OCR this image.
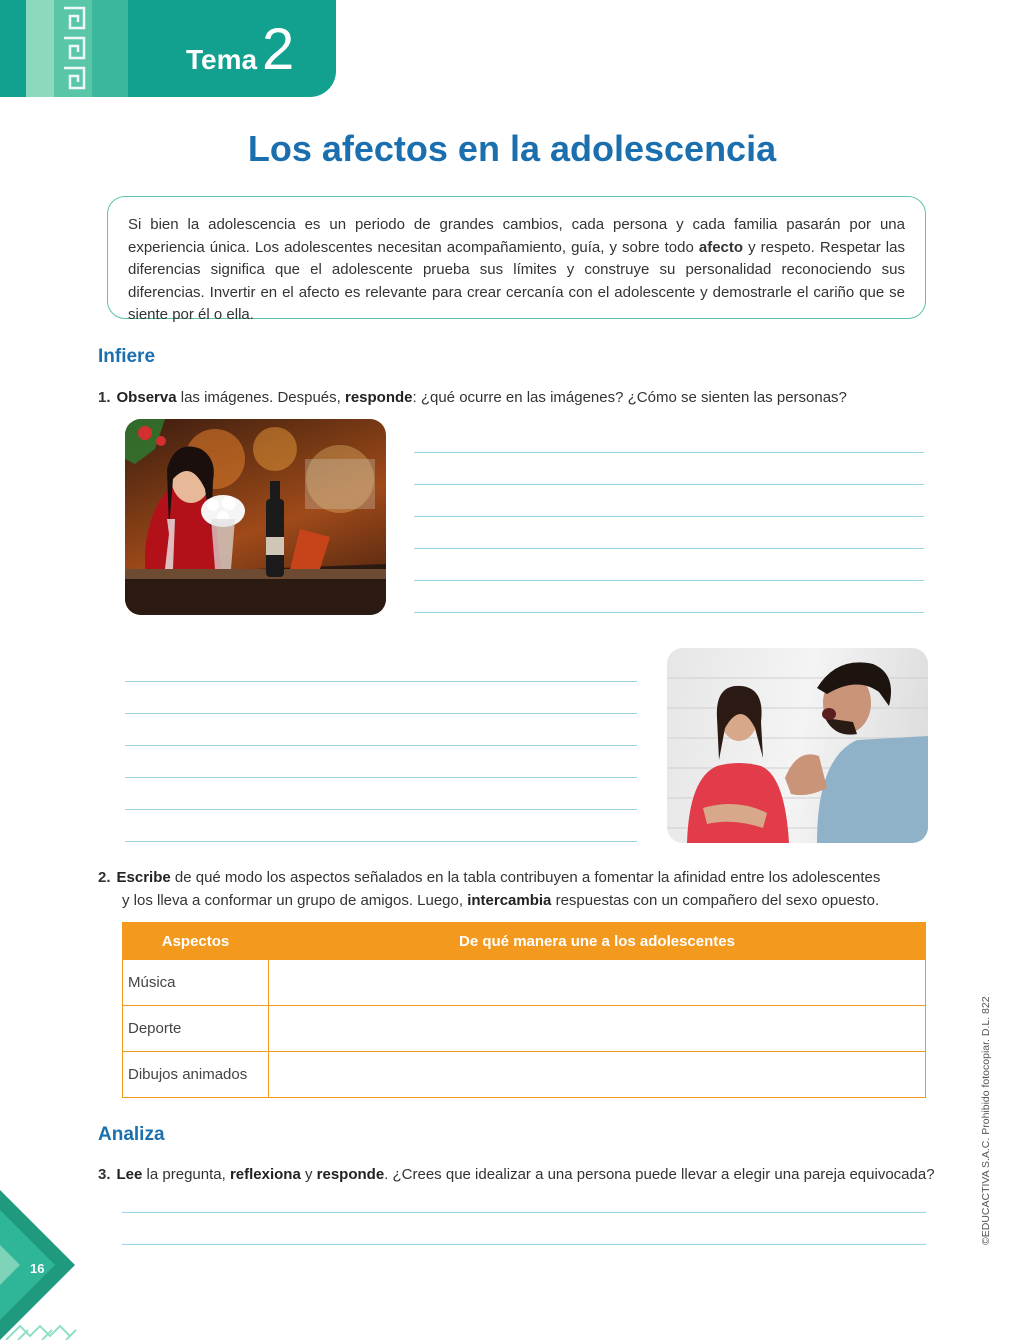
Tema 2
Los afectos en la adolescencia

Si bien la adolescencia es un periodo de grandes cambios, cada persona y cada familia pasarán por una experiencia única. Los adolescentes necesitan acompañamiento, guía, y sobre todo afecto y respeto. Respetar las diferencias significa que el adolescente prueba sus límites y construye su personalidad reconociendo sus diferencias. Invertir en el afecto es relevante para crear cercanía con el adolescente y demostrarle el cariño que se siente por él o ella.

Infiere

1. Observa las imágenes. Después, responde: ¿qué ocurre en las imágenes? ¿Cómo se sienten las personas?

2. Escribe de qué modo los aspectos señalados en la tabla contribuyen a fomentar la afinidad entre los adolescentes
y los lleva a conformar un grupo de amigos. Luego, intercambia respuestas con un compañero del sexo opuesto.

Aspectos	De qué manera une a los adolescentes
Música	
Deporte	
Dibujos animados	
Analiza

3. Lee la pregunta, reflexiona y responde. ¿Crees que idealizar a una persona puede llevar a elegir una pareja equivocada?	©EDUCACTIVA S.A.C. Prohibido fotocopiar. D.L. 822
16
